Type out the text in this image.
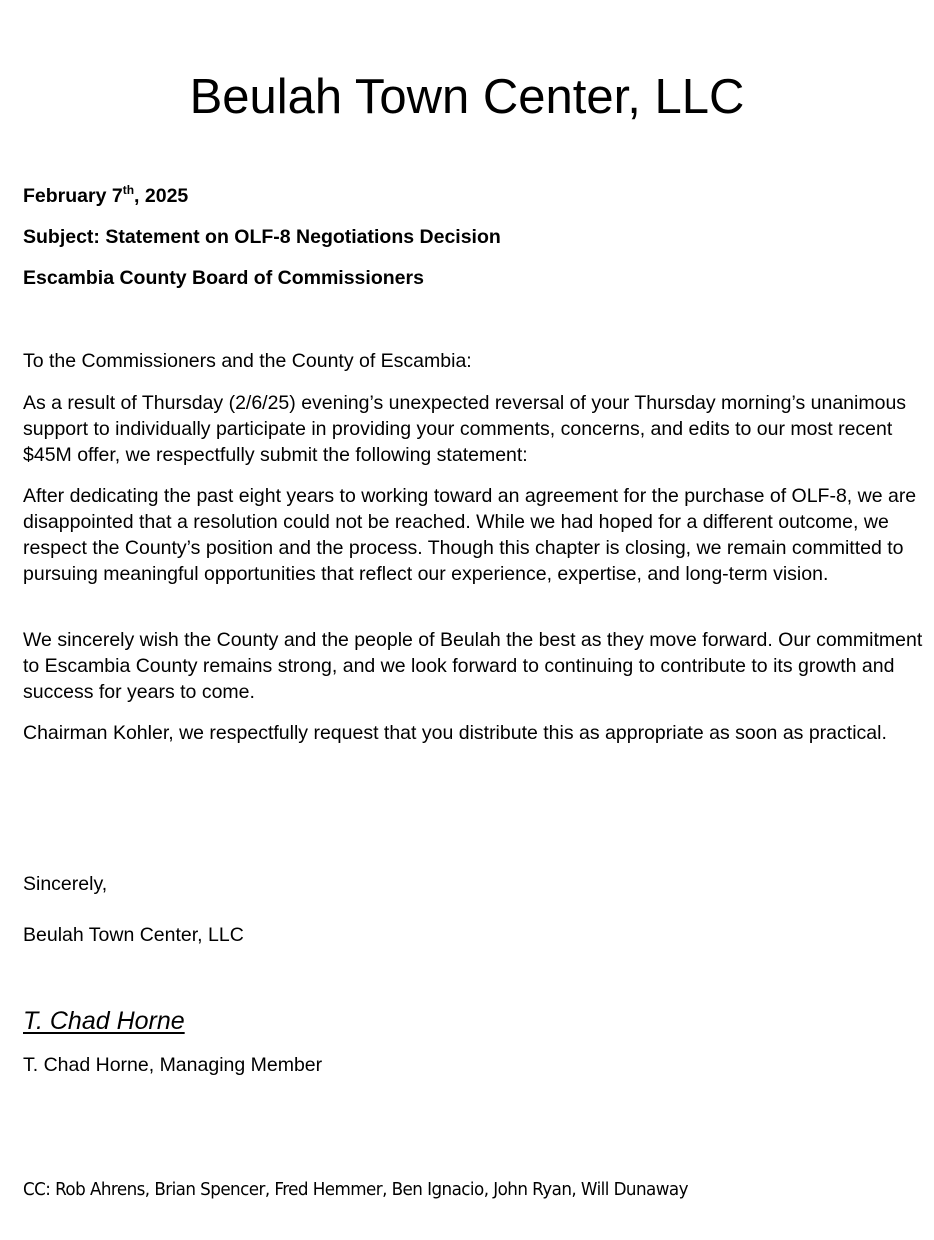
Beulah Town Center, LLC
February 7th, 2025
Subject: Statement on OLF-8 Negotiations Decision
Escambia County Board of Commissioners

To the Commissioners and the County of Escambia:

As a result of Thursday (2/6/25) evening’s unexpected reversal of your Thursday morning’s unanimous support to individually participate in providing your comments, concerns, and edits to our most recent $45M offer, we respectfully submit the following statement:

After dedicating the past eight years to working toward an agreement for the purchase of OLF-8, we are disappointed that a resolution could not be reached. While we had hoped for a different outcome, we respect the County’s position and the process. Though this chapter is closing, we remain committed to pursuing meaningful opportunities that reflect our experience, expertise, and long-term vision.

We sincerely wish the County and the people of Beulah the best as they move forward. Our commitment to Escambia County remains strong, and we look forward to continuing to contribute to its growth and success for years to come.

Chairman Kohler, we respectfully request that you distribute this as appropriate as soon as practical.

Sincerely,
Beulah Town Center, LLC
T. Chad Horne
T. Chad Horne, Managing Member
CC: Rob Ahrens, Brian Spencer, Fred Hemmer, Ben Ignacio, John Ryan, Will Dunaway
